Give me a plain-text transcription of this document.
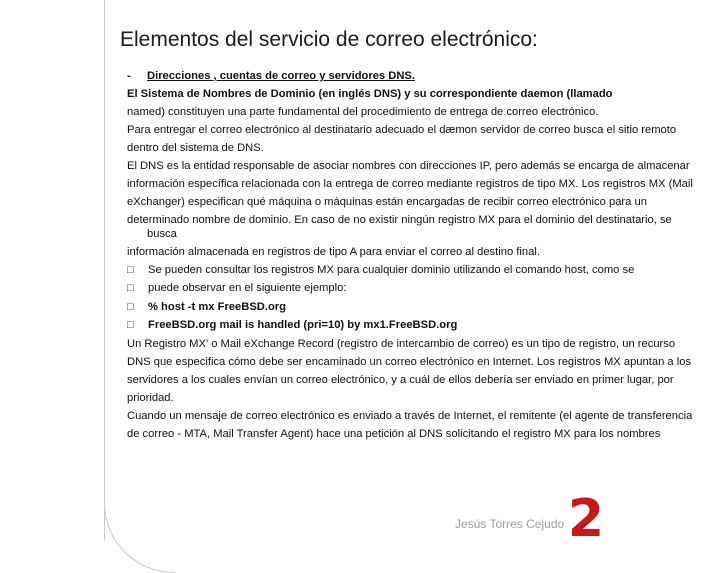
Elementos del servicio de correo electrónico:

- Direcciones , cuentas de correo y servidores DNS.

El Sistema de Nombres de Dominio (en inglés DNS) y su correspondiente daemon (llamado

named) constituyen una parte fundamental del procedimiento de entrega de correo electrónico.

Para entregar el correo electrónico al destinatario adecuado el dæmon servidor de correo busca el sitio remoto

dentro del sistema de DNS.

El DNS es la entidad responsable de asociar nombres con direcciones IP, pero además se encarga de almacenar

información específica relacionada con la entrega de correo mediante registros de tipo MX. Los registros MX (Mail

eXchanger) especifican qué máquina o máquinas están encargadas de recibir correo electrónico para un

determinado nombre de dominio. En caso de no existir ningún registro MX para el dominio del destinatario, se busca

información almacenada en registros de tipo A para enviar el correo al destino final.

□	Se pueden consultar los registros MX para cualquier dominio utilizando el comando host, como se
□	puede observar en el siguiente ejemplo:
□	% host -t mx FreeBSD.org
□	FreeBSD.org mail is handled (pri=10) by mx1.FreeBSD.org

Un Registro MX' o Mail eXchange Record (registro de intercambio de correo) es un tipo de registro, un recurso

DNS que especifica cómo debe ser encaminado un correo electrónico en Internet. Los registros MX apuntan a los

servidores a los cuales envían un correo electrónico, y a cuál de ellos debería ser enviado en primer lugar, por

prioridad.

Cuando un mensaje de correo electrónico es enviado a través de Internet, el remitente (el agente de transferencia

de correo - MTA, Mail Transfer Agent) hace una petición al DNS solicitando el registro MX para los nombres

Jesús Torres Cejudo 2
